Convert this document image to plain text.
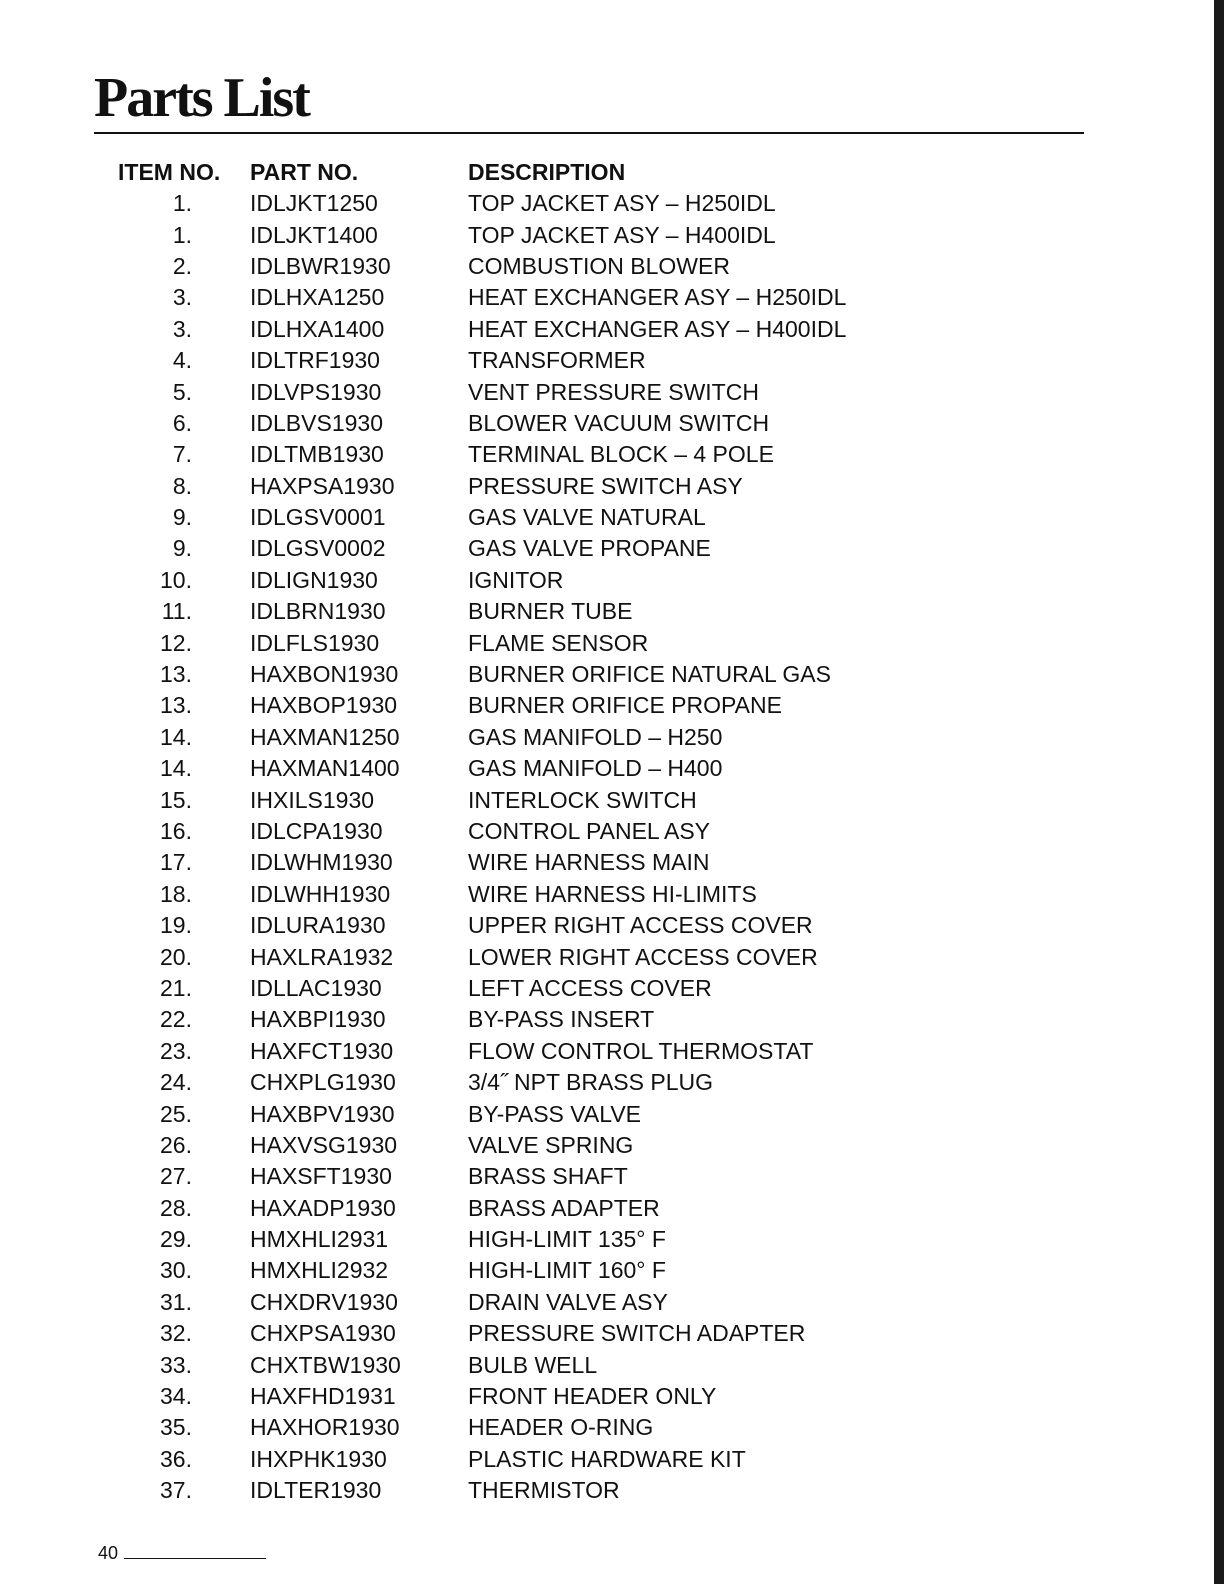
Parts List
ITEM NO.	PART NO.	DESCRIPTION
1.	IDLJKT1250	TOP JACKET ASY – H250IDL
1.	IDLJKT1400	TOP JACKET ASY – H400IDL
2.	IDLBWR1930	COMBUSTION BLOWER
3.	IDLHXA1250	HEAT EXCHANGER ASY – H250IDL
3.	IDLHXA1400	HEAT EXCHANGER ASY – H400IDL
4.	IDLTRF1930	TRANSFORMER
5.	IDLVPS1930	VENT PRESSURE SWITCH
6.	IDLBVS1930	BLOWER VACUUM SWITCH
7.	IDLTMB1930	TERMINAL BLOCK – 4 POLE
8.	HAXPSA1930	PRESSURE SWITCH ASY
9.	IDLGSV0001	GAS VALVE NATURAL
9.	IDLGSV0002	GAS VALVE PROPANE
10.	IDLIGN1930	IGNITOR
11.	IDLBRN1930	BURNER TUBE
12.	IDLFLS1930	FLAME SENSOR
13.	HAXBON1930	BURNER ORIFICE NATURAL GAS
13.	HAXBOP1930	BURNER ORIFICE PROPANE
14.	HAXMAN1250	GAS MANIFOLD – H250
14.	HAXMAN1400	GAS MANIFOLD – H400
15.	IHXILS1930	INTERLOCK SWITCH
16.	IDLCPA1930	CONTROL PANEL ASY
17.	IDLWHM1930	WIRE HARNESS MAIN
18.	IDLWHH1930	WIRE HARNESS HI-LIMITS
19.	IDLURA1930	UPPER RIGHT ACCESS COVER
20.	HAXLRA1932	LOWER RIGHT ACCESS COVER
21.	IDLLAC1930	LEFT ACCESS COVER
22.	HAXBPI1930	BY-PASS INSERT
23.	HAXFCT1930	FLOW CONTROL THERMOSTAT
24.	CHXPLG1930	3/4˝ NPT BRASS PLUG
25.	HAXBPV1930	BY-PASS VALVE
26.	HAXVSG1930	VALVE SPRING
27.	HAXSFT1930	BRASS SHAFT
28.	HAXADP1930	BRASS ADAPTER
29.	HMXHLI2931	HIGH-LIMIT 135° F
30.	HMXHLI2932	HIGH-LIMIT 160° F
31.	CHXDRV1930	DRAIN VALVE ASY
32.	CHXPSA1930	PRESSURE SWITCH ADAPTER
33.	CHXTBW1930	BULB WELL
34.	HAXFHD1931	FRONT HEADER ONLY
35.	HAXHOR1930	HEADER O-RING
36.	IHXPHK1930	PLASTIC HARDWARE KIT
37.	IDLTER1930	THERMISTOR
40
